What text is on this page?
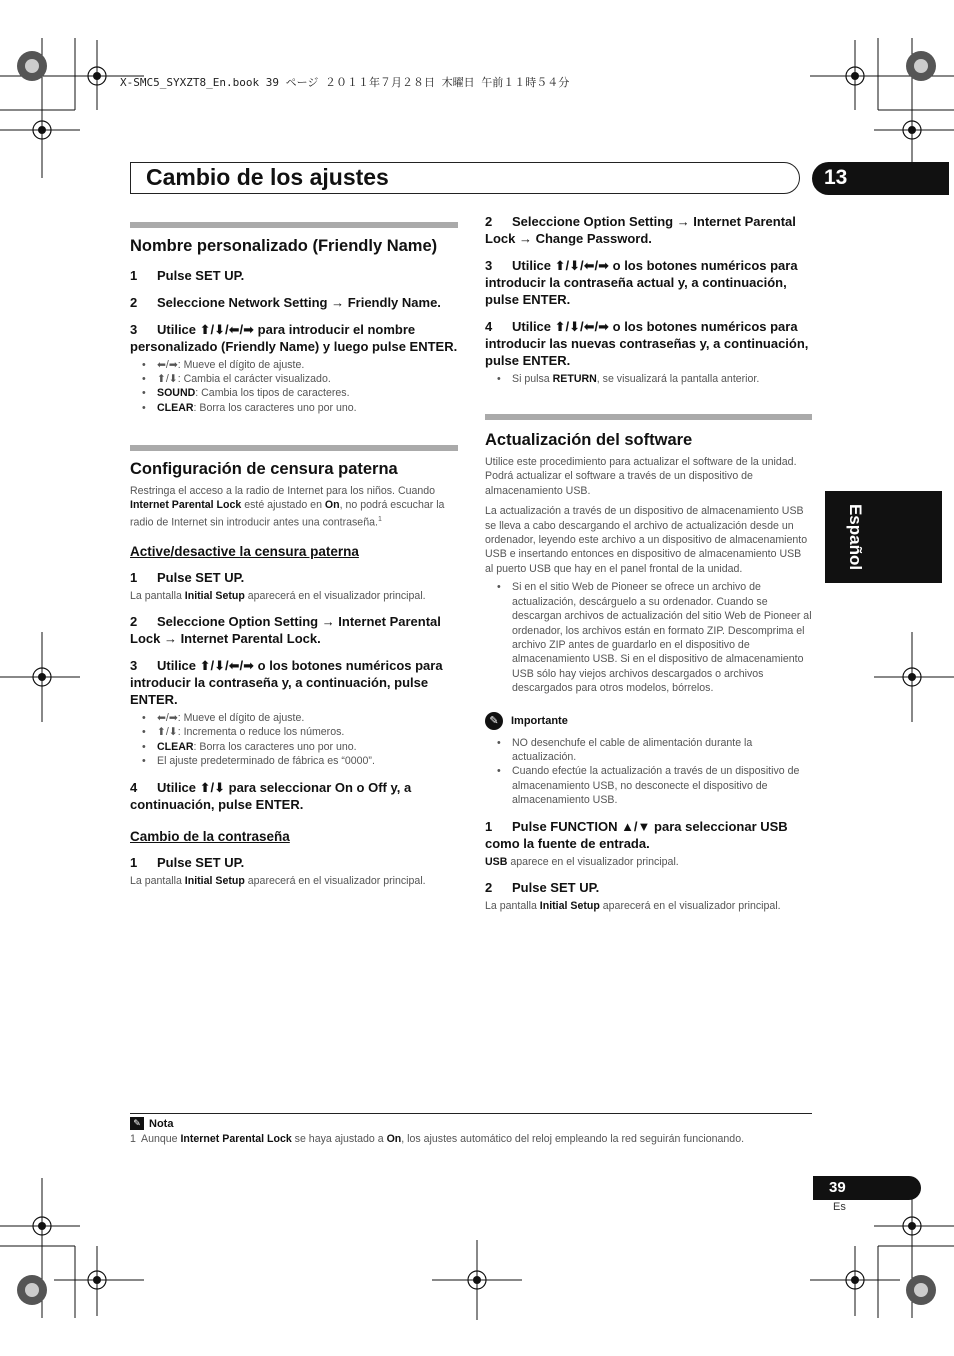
X-SMC5_SYXZT8_En.book 39 ページ ２０１１年７月２８日 木曜日 午前１１時５４分
Cambio de los ajustes	13
Español
Nombre personalizado (Friendly Name)
1 Pulse SET UP.
2 Seleccione Network Setting → Friendly Name.
3 Utilice ⬆/⬇/⬅/➡ para introducir el nombre personalizado (Friendly Name) y luego pulse ENTER.
• ⬅/➡: Mueve el dígito de ajuste.
• ⬆/⬇: Cambia el carácter visualizado.
• SOUND: Cambia los tipos de caracteres.
• CLEAR: Borra los caracteres uno por uno.
Configuración de censura paterna

Restringa el acceso a la radio de Internet para los niños. Cuando Internet Parental Lock esté ajustado en On, no podrá escuchar la radio de Internet sin introducir antes una contraseña.$^1$

Active/desactive la censura paterna
1 Pulse SET UP.

La pantalla Initial Setup aparecerá en el visualizador principal.

2 Seleccione Option Setting → Internet Parental Lock → Internet Parental Lock.
3 Utilice ⬆/⬇/⬅/➡ o los botones numéricos para introducir la contraseña y, a continuación, pulse ENTER.
• ⬅/➡: Mueve el dígito de ajuste.
• ⬆/⬇: Incrementa o reduce los números.
• CLEAR: Borra los caracteres uno por uno.
• El ajuste predeterminado de fábrica es “0000”.
4 Utilice ⬆/⬇ para seleccionar On o Off y, a continuación, pulse ENTER.
Cambio de la contraseña
1 Pulse SET UP.

La pantalla Initial Setup aparecerá en el visualizador principal.

2 Seleccione Option Setting → Internet Parental Lock → Change Password.
3 Utilice ⬆/⬇/⬅/➡ o los botones numéricos para introducir la contraseña actual y, a continuación, pulse ENTER.
4 Utilice ⬆/⬇/⬅/➡ o los botones numéricos para introducir las nuevas contraseñas y, a continuación, pulse ENTER.
• Si pulsa RETURN, se visualizará la pantalla anterior.
Actualización del software

Utilice este procedimiento para actualizar el software de la unidad. Podrá actualizar el software a través de un dispositivo de almacenamiento USB.

La actualización a través de un dispositivo de almacenamiento USB se lleva a cabo descargando el archivo de actualización desde un ordenador, leyendo este archivo a un dispositivo de almacenamiento USB e insertando entonces en dispositivo de almacenamiento USB al puerto USB que hay en el panel frontal de la unidad.

• Si en el sitio Web de Pioneer se ofrece un archivo de actualización, descárguelo a su ordenador. Cuando se descargan archivos de actualización del sitio Web de Pioneer al ordenador, los archivos están en formato ZIP. Descomprima el archivo ZIP antes de guardarlo en el dispositivo de almacenamiento USB. Si en el dispositivo de almacenamiento USB sólo hay viejos archivos descargados o archivos descargados para otros modelos, bórrelos.
✎	Importante
• NO desenchufe el cable de alimentación durante la actualización.
• Cuando efectúe la actualización a través de un dispositivo de almacenamiento USB, no desconecte el dispositivo de almacenamiento USB.
1 Pulse FUNCTION ▲/▼ para seleccionar USB como la fuente de entrada.

USB aparece en el visualizador principal.

2 Pulse SET UP.

La pantalla Initial Setup aparecerá en el visualizador principal.

✎ Nota
1 Aunque Internet Parental Lock se haya ajustado a On, los ajustes automático del reloj empleando la red seguirán funcionando.
39
Es
